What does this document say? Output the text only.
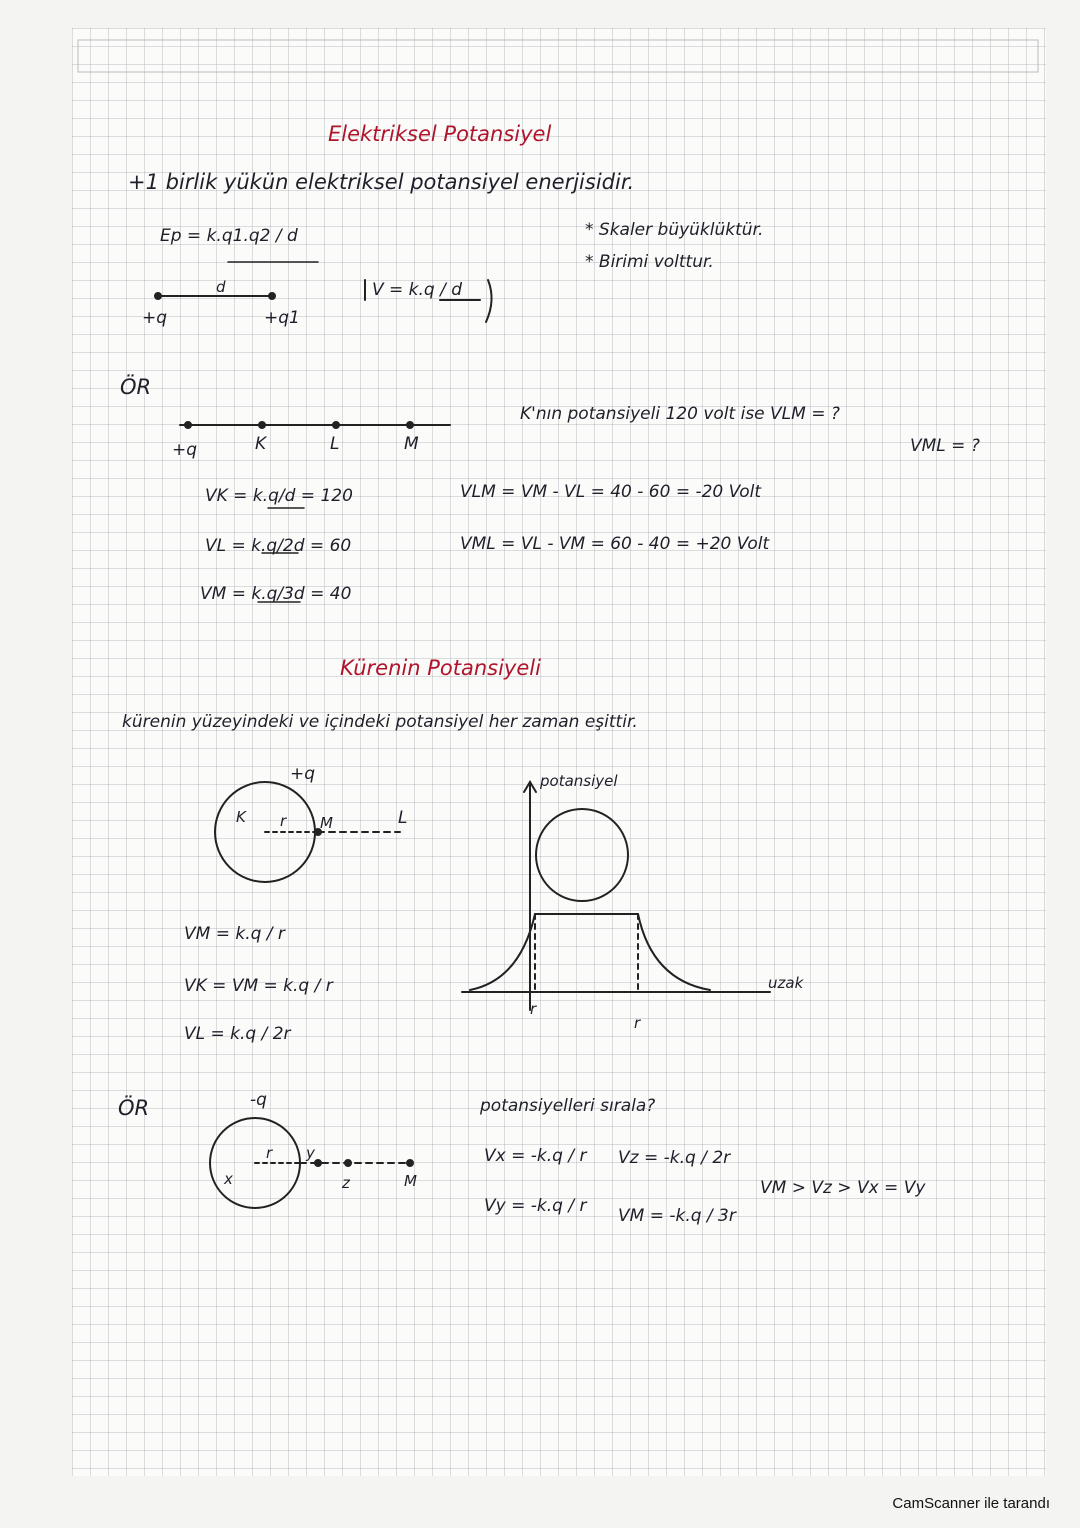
Elektriksel Potansiyel
+1 birlik yükün elektriksel potansiyel enerjisidir.
Ep = k.q1.q2 / d	* Skaler büyüklüktür.
* Birimi volttur.
V = k.q / d
+q	+q1
d
ÖR
+q	K	L	M
K'nın potansiyeli 120 volt ise VLM = ?
VML = ?
VK = k.q/d = 120
VL = k.q/2d = 60
VM = k.q/3d = 40
VLM = VM - VL = 40 - 60 = -20 Volt
VML = VL - VM = 60 - 40 = +20 Volt
Kürenin Potansiyeli
kürenin yüzeyindeki ve içindeki potansiyel her zaman eşittir.
+q
K r M	L
VM = k.q / r
VK = VM = k.q / r
VL = k.q / 2r
potansiyel
uzak
r
r
ÖR	-q
x
r y
z	M
potansiyelleri sırala?
Vx = -k.q / r
Vy = -k.q / r
Vz = -k.q / 2r
VM = -k.q / 3r
VM > Vz > Vx = Vy
CamScanner ile tarandı
